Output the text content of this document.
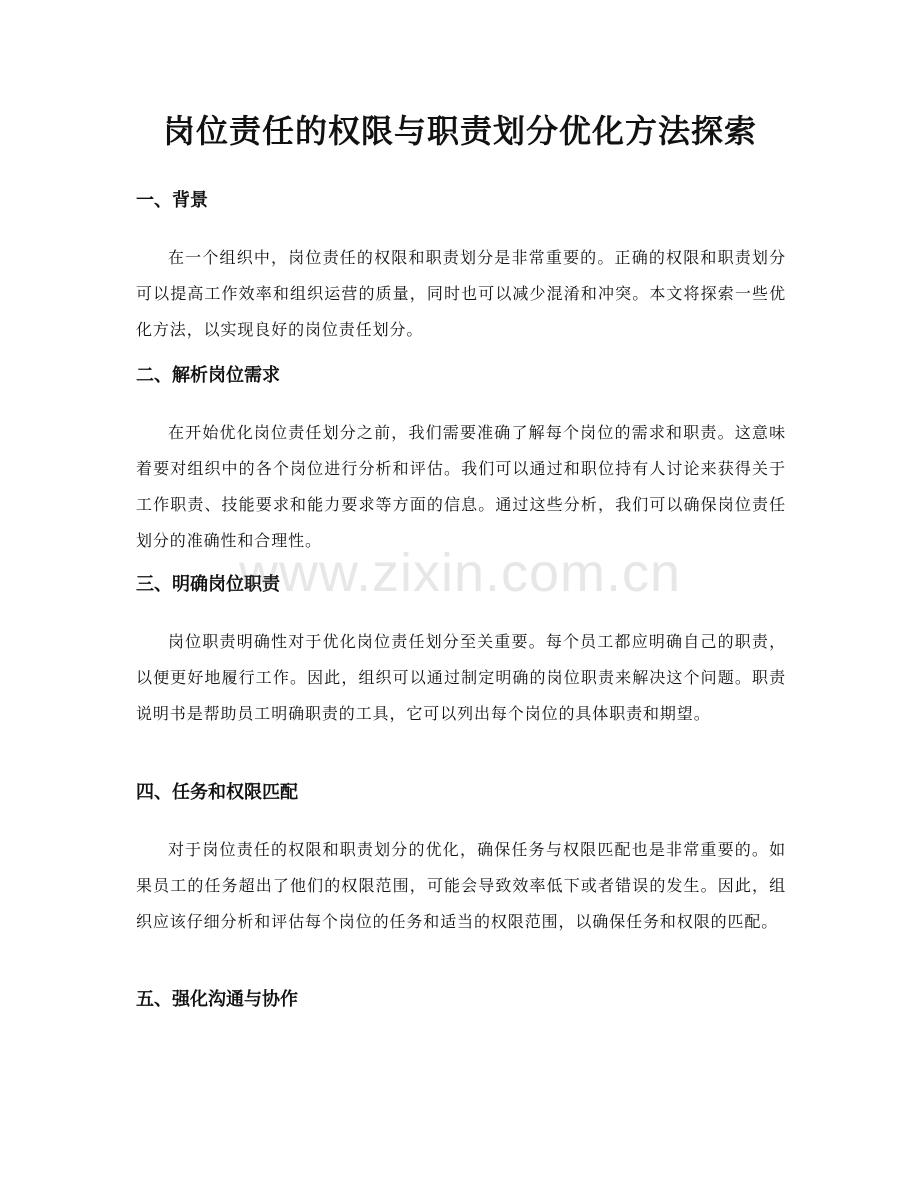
岗位责任的权限与职责划分优化方法探索
一、背景

在一个组织中，岗位责任的权限和职责划分是非常重要的。正确的权限和职责划分可以提高工作效率和组织运营的质量，同时也可以减少混淆和冲突。本文将探索一些优化方法，以实现良好的岗位责任划分。

二、解析岗位需求

在开始优化岗位责任划分之前，我们需要准确了解每个岗位的需求和职责。这意味着要对组织中的各个岗位进行分析和评估。我们可以通过和职位持有人讨论来获得关于工作职责、技能要求和能力要求等方面的信息。通过这些分析，我们可以确保岗位责任划分的准确性和合理性。

三、明确岗位职责

岗位职责明确性对于优化岗位责任划分至关重要。每个员工都应明确自己的职责，以便更好地履行工作。因此，组织可以通过制定明确的岗位职责来解决这个问题。职责说明书是帮助员工明确职责的工具，它可以列出每个岗位的具体职责和期望。

四、任务和权限匹配

对于岗位责任的权限和职责划分的优化，确保任务与权限匹配也是非常重要的。如果员工的任务超出了他们的权限范围，可能会导致效率低下或者错误的发生。因此，组织应该仔细分析和评估每个岗位的任务和适当的权限范围，以确保任务和权限的匹配。

五、强化沟通与协作
www.zixin.com.cn
